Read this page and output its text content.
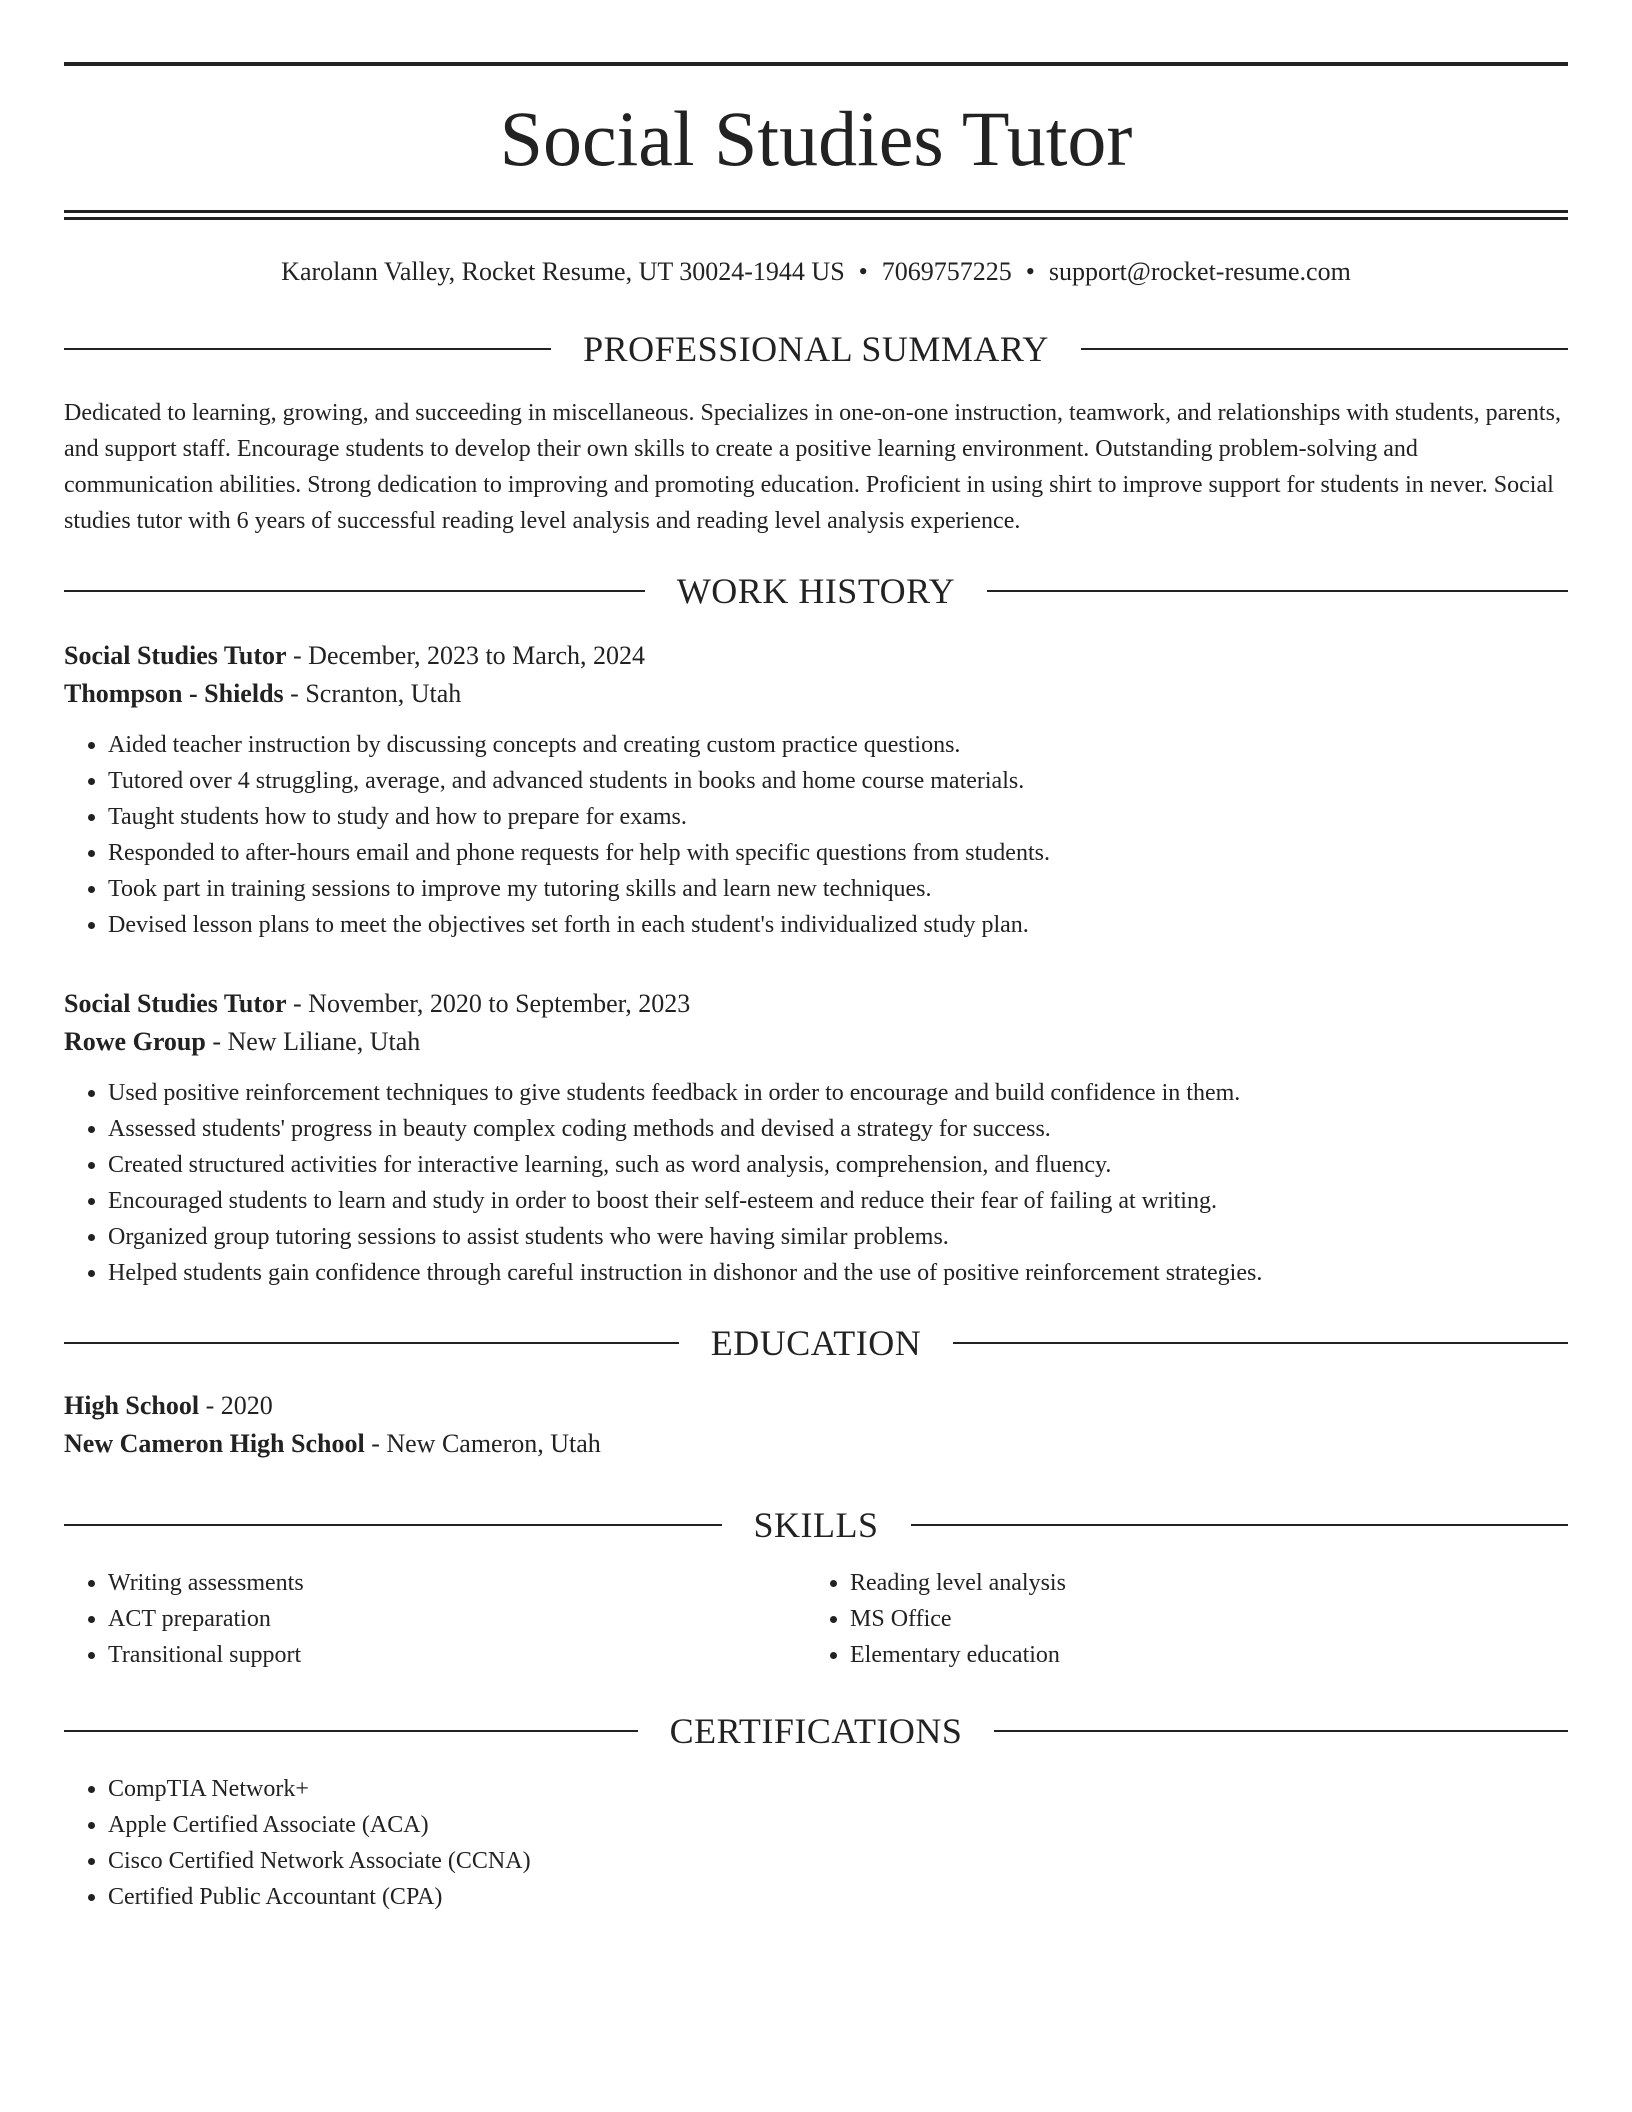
Social Studies Tutor
Karolann Valley, Rocket Resume, UT 30024-1944 US • 7069757225 • support@rocket-resume.com
PROFESSIONAL SUMMARY
Dedicated to learning, growing, and succeeding in miscellaneous. Specializes in one-on-one instruction, teamwork, and relationships with students, parents, and support staff. Encourage students to develop their own skills to create a positive learning environment. Outstanding problem-solving and communication abilities. Strong dedication to improving and promoting education. Proficient in using shirt to improve support for students in never. Social studies tutor with 6 years of successful reading level analysis and reading level analysis experience.
WORK HISTORY
Social Studies Tutor - December, 2023 to March, 2024
Thompson - Shields - Scranton, Utah
• Aided teacher instruction by discussing concepts and creating custom practice questions.
• Tutored over 4 struggling, average, and advanced students in books and home course materials.
• Taught students how to study and how to prepare for exams.
• Responded to after-hours email and phone requests for help with specific questions from students.
• Took part in training sessions to improve my tutoring skills and learn new techniques.
• Devised lesson plans to meet the objectives set forth in each student's individualized study plan.
Social Studies Tutor - November, 2020 to September, 2023
Rowe Group - New Liliane, Utah
• Used positive reinforcement techniques to give students feedback in order to encourage and build confidence in them.
• Assessed students' progress in beauty complex coding methods and devised a strategy for success.
• Created structured activities for interactive learning, such as word analysis, comprehension, and fluency.
• Encouraged students to learn and study in order to boost their self-esteem and reduce their fear of failing at writing.
• Organized group tutoring sessions to assist students who were having similar problems.
• Helped students gain confidence through careful instruction in dishonor and the use of positive reinforcement strategies.
EDUCATION
High School - 2020
New Cameron High School - New Cameron, Utah
SKILLS
• Writing assessments
• ACT preparation
• Transitional support
• Reading level analysis
• MS Office
• Elementary education
CERTIFICATIONS
• CompTIA Network+
• Apple Certified Associate (ACA)
• Cisco Certified Network Associate (CCNA)
• Certified Public Accountant (CPA)
